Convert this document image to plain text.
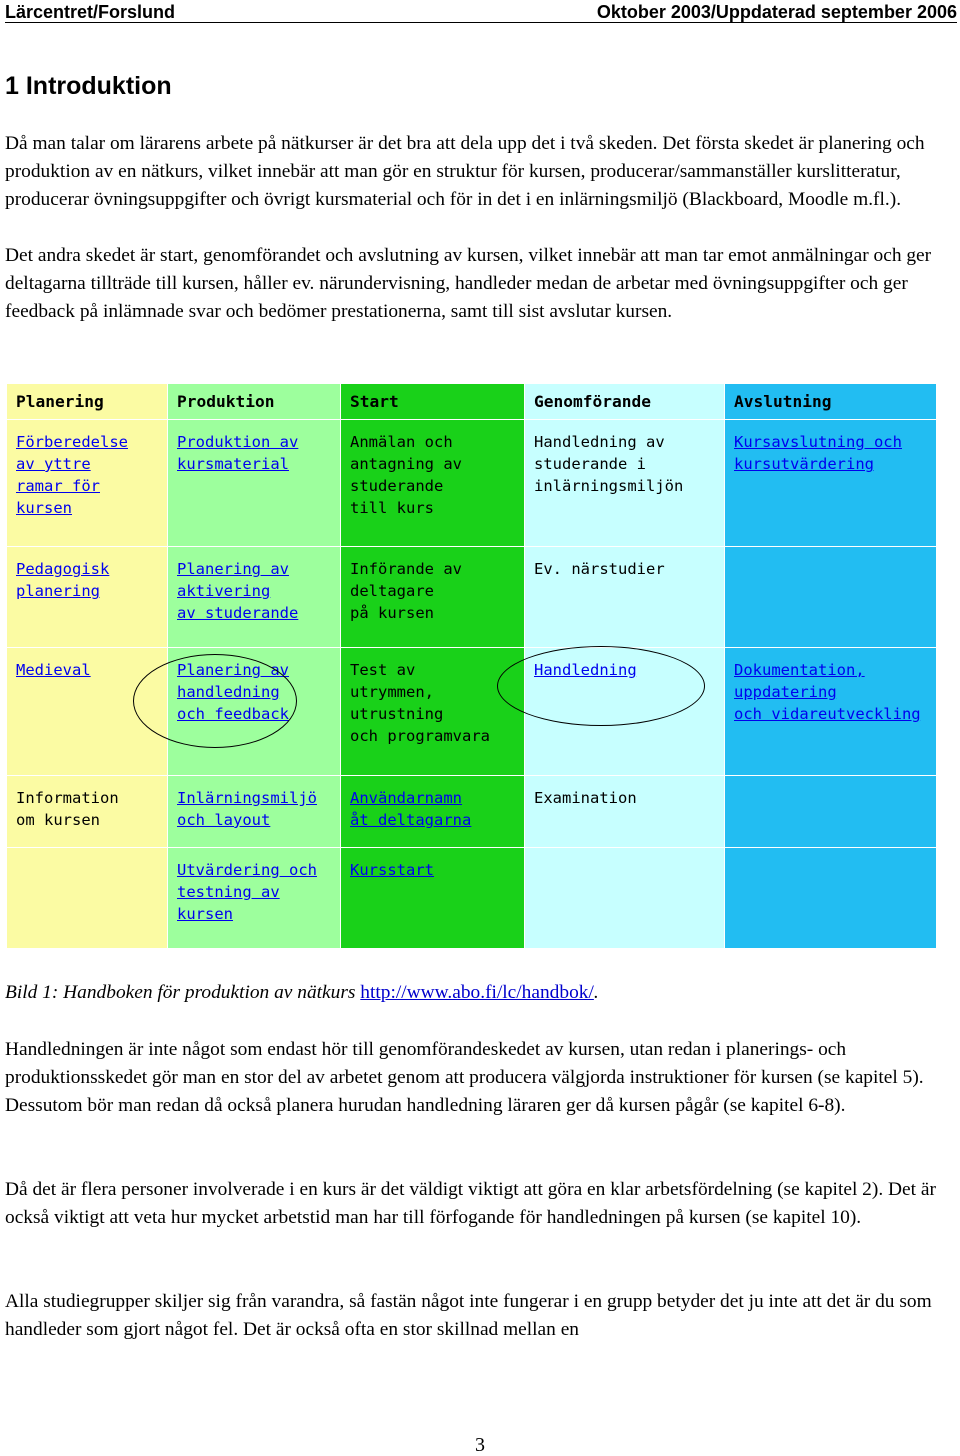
Lärcentret/Forslund	Oktober 2003/Uppdaterad september 2006
1 Introduktion

Då man talar om lärarens arbete på nätkurser är det bra att dela upp det i två skeden. Det första skedet är planering och produktion av en nätkurs, vilket innebär att man gör en struktur för kursen, producerar/sammanställer kurslitteratur, producerar övningsuppgifter och övrigt kursmaterial och för in det i en inlärningsmiljö (Blackboard, Moodle m.fl.).

Det andra skedet är start, genomförandet och avslutning av kursen, vilket innebär att man tar emot anmälningar och ger deltagarna tillträde till kursen, håller ev. närundervisning, handleder medan de arbetar med övningsuppgifter och ger feedback på inlämnade svar och bedömer prestationerna, samt till sist avslutar kursen.

Planering	Produktion	Start	Genomförande	Avslutning

Förberedelse
av yttre
ramar för
kursen	Produktion av
kursmaterial	Anmälan och
antagning av
studerande
till kurs	Handledning av
studerande i
inlärningsmiljön	Kursavslutning och
kursutvärdering

Pedagogisk
planering	Planering av
aktivering
av studerande	Införande av
deltagare
på kursen	Ev. närstudier	

Medieval	Planering av
handledning
och feedback	Test av
utrymmen,
utrustning
och programvara	Handledning	Dokumentation,
uppdatering
och vidareutveckling

Information
om kursen	Inlärningsmiljö
och layout	Användarnamn
åt deltagarna	Examination	

	Utvärdering och
testning av
kursen	Kursstart		

Bild 1: Handboken för produktion av nätkurs http://www.abo.fi/lc/handbok/.

Handledningen är inte något som endast hör till genomförandeskedet av kursen, utan redan i planerings- och produktionsskedet gör man en stor del av arbetet genom att producera välgjorda instruktioner för kursen (se kapitel 5). Dessutom bör man redan då också planera hurudan handledning läraren ger då kursen pågår (se kapitel 6-8).

Då det är flera personer involverade i en kurs är det väldigt viktigt att göra en klar arbetsfördelning (se kapitel 2). Det är också viktigt att veta hur mycket arbetstid man har till förfogande för handledningen på kursen (se kapitel 10).

Alla studiegrupper skiljer sig från varandra, så fastän något inte fungerar i en grupp betyder det ju inte att det är du som handleder som gjort något fel. Det är också ofta en stor skillnad mellan en

3
